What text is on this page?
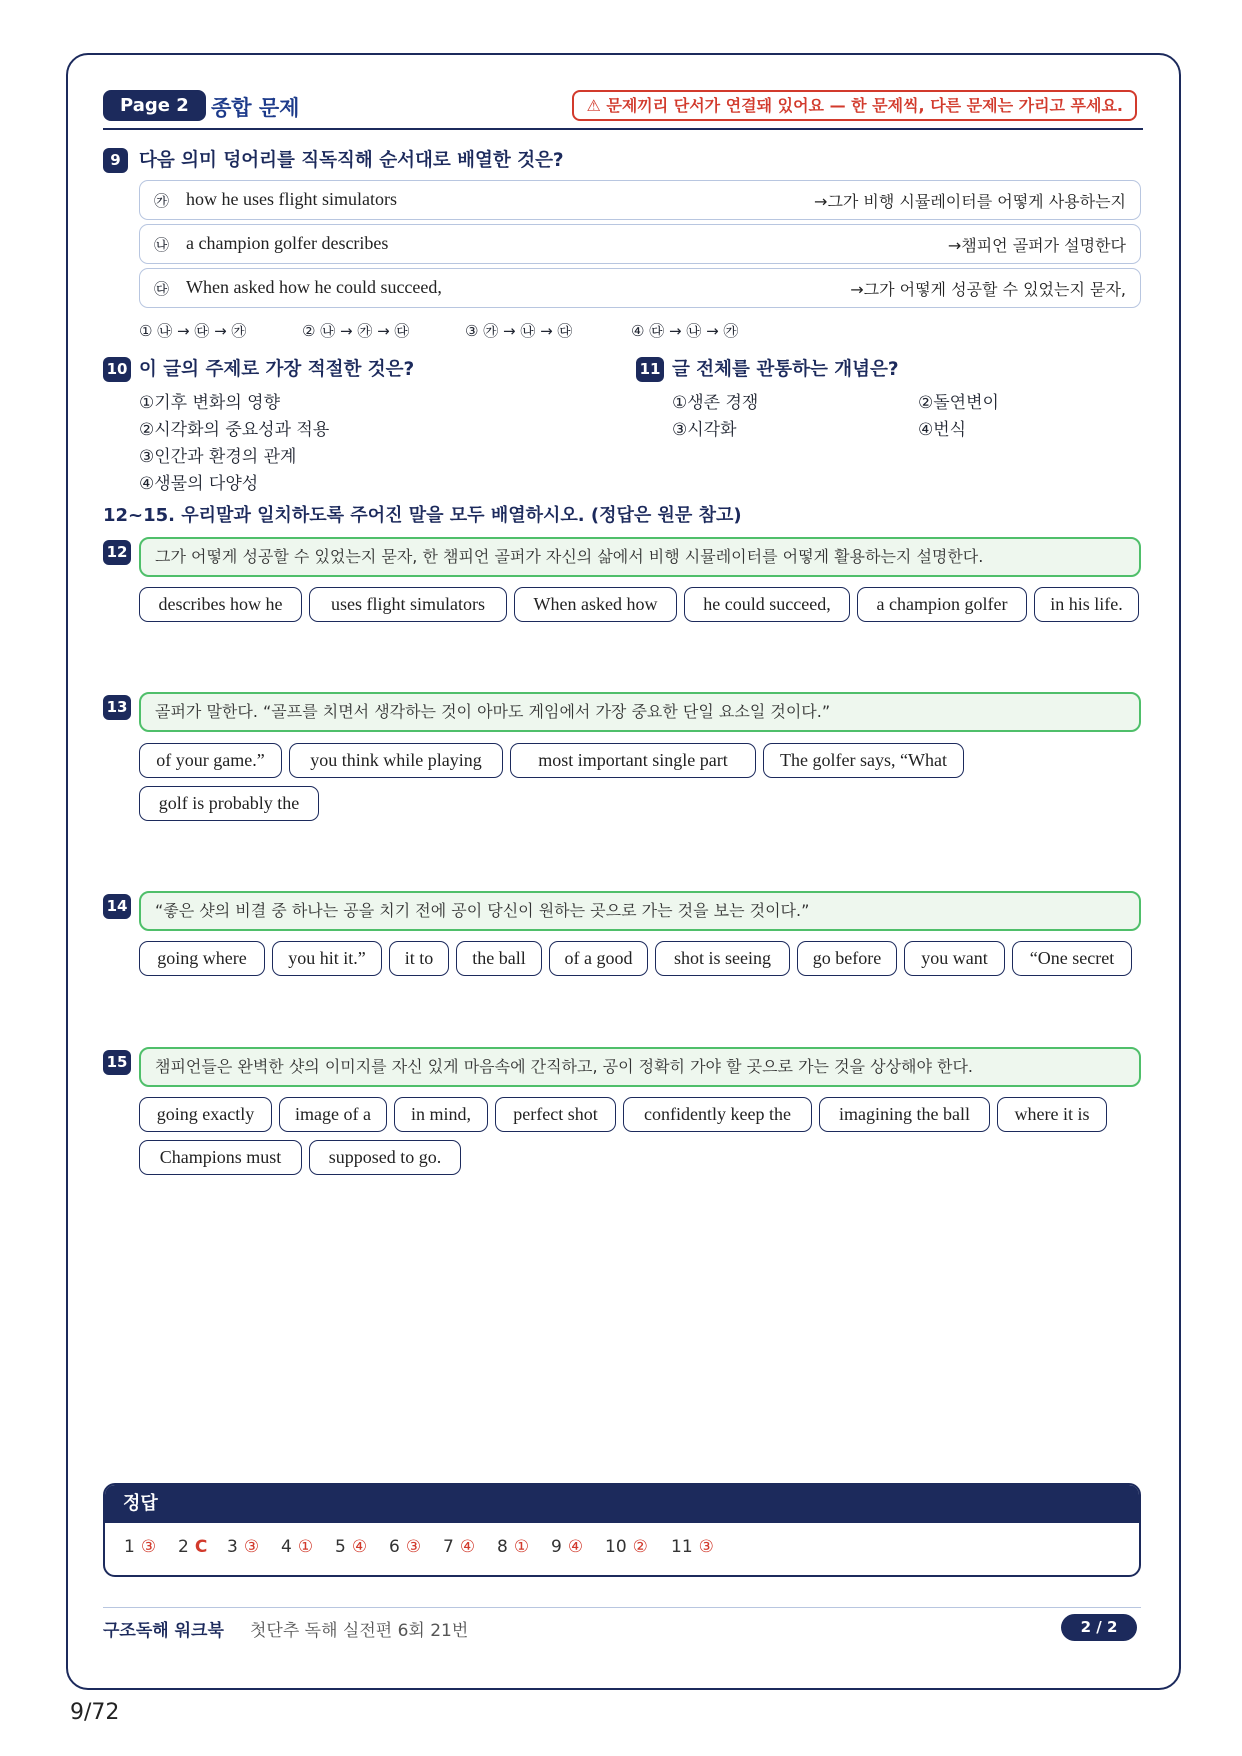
Page 2	종합 문제	⚠ 문제끼리 단서가 연결돼 있어요 — 한 문제씩, 다른 문제는 가리고 푸세요.
9 다음 의미 덩어리를 직독직해 순서대로 배열한 것은?
㉮ how he uses flight simulators	→그가 비행 시뮬레이터를 어떻게 사용하는지
㉯ a champion golfer describes	→챔피언 골퍼가 설명한다
㉰ When asked how he could succeed,	→그가 어떻게 성공할 수 있었는지 묻자,
① ㉯ → ㉰ → ㉮	② ㉯ → ㉮ → ㉰	③ ㉮ → ㉯ → ㉰	④ ㉰ → ㉯ → ㉮
10 이 글의 주제로 가장 적절한 것은?
①기후 변화의 영향
②시각화의 중요성과 적용
③인간과 환경의 관계
④생물의 다양성
11 글 전체를 관통하는 개념은?
①생존 경쟁	②돌연변이
③시각화	④번식
12~15. 우리말과 일치하도록 주어진 말을 모두 배열하시오. (정답은 원문 참고)
12	그가 어떻게 성공할 수 있었는지 묻자, 한 챔피언 골퍼가 자신의 삶에서 비행 시뮬레이터를 어떻게 활용하는지 설명한다.
describes how he	uses flight simulators	When asked how	he could succeed,	a champion golfer	in his life.
13	골퍼가 말한다. “골프를 치면서 생각하는 것이 아마도 게임에서 가장 중요한 단일 요소일 것이다.”
of your game.”	you think while playing	most important single part	The golfer says, “What
golf is probably the
14	“좋은 샷의 비결 중 하나는 공을 치기 전에 공이 당신이 원하는 곳으로 가는 것을 보는 것이다.”
going where	you hit it.”	it to	the ball	of a good	shot is seeing	go before	you want	“One secret
15	챔피언들은 완벽한 샷의 이미지를 자신 있게 마음속에 간직하고, 공이 정확히 가야 할 곳으로 가는 것을 상상해야 한다.
going exactly	image of a	in mind,	perfect shot	confidently keep the	imagining the ball	where it is
Champions must	supposed to go.
정답
1 ③ 2 C 3 ③ 4 ① 5 ④ 6 ③ 7 ④ 8 ① 9 ④ 10 ② 11 ③
구조독해 워크북 첫단추 독해 실전편 6회 21번	2 / 2
9/72
